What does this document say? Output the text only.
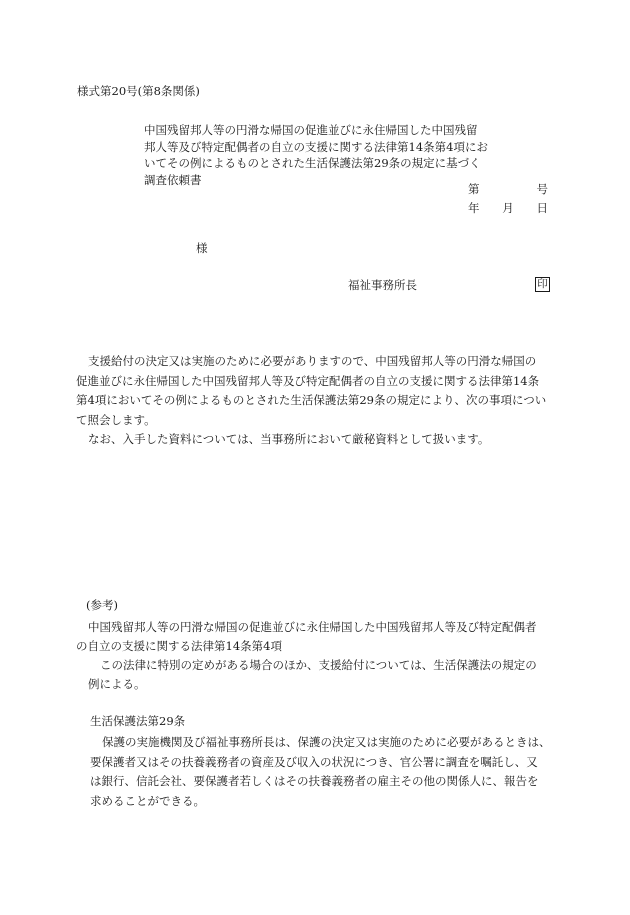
様式第20号(第8条関係)
中国残留邦人等の円滑な帰国の促進並びに永住帰国した中国残留
邦人等及び特定配偶者の自立の支援に関する法律第14条第4項にお
いてその例によるものとされた生活保護法第29条の規定に基づく
調査依頼書
第	号
年 月 日
様
福祉事務所長	印
支援給付の決定又は実施のために必要がありますので、中国残留邦人等の円滑な帰国の
促進並びに永住帰国した中国残留邦人等及び特定配偶者の自立の支援に関する法律第14条
第4項においてその例によるものとされた生活保護法第29条の規定により、次の事項につい
て照会します。
なお、入手した資料については、当事務所において厳秘資料として扱います。
(参考)
中国残留邦人等の円滑な帰国の促進並びに永住帰国した中国残留邦人等及び特定配偶者
の自立の支援に関する法律第14条第4項
この法律に特別の定めがある場合のほか、支援給付については、生活保護法の規定の
例による。
生活保護法第29条
保護の実施機関及び福祉事務所長は、保護の決定又は実施のために必要があるときは、
要保護者又はその扶養義務者の資産及び収入の状況につき、官公署に調査を嘱託し、又
は銀行、信託会社、要保護者若しくはその扶養義務者の雇主その他の関係人に、報告を
求めることができる。
